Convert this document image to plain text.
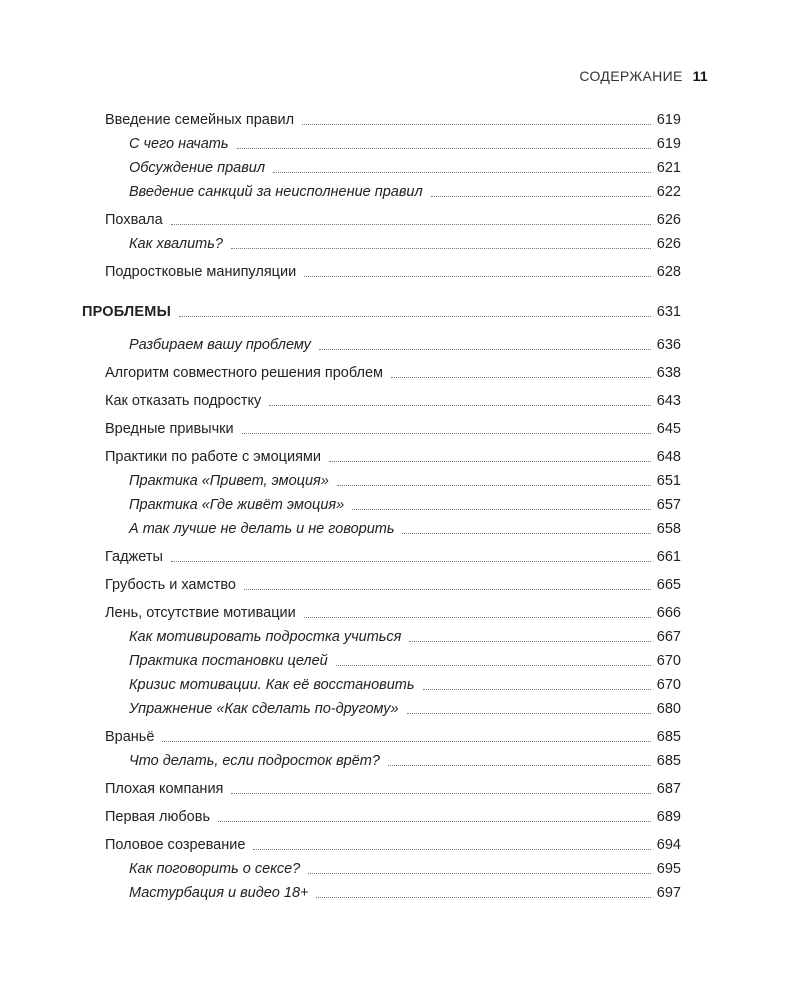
СОДЕРЖАНИЕ 11
Введение семейных правил	619
С чего начать	619
Обсуждение правил	621
Введение санкций за неисполнение правил	622
Похвала	626
Как хвалить?	626
Подростковые манипуляции	628
ПРОБЛЕМЫ	631
Разбираем вашу проблему	636
Алгоритм совместного решения проблем	638
Как отказать подростку	643
Вредные привычки	645
Практики по работе с эмоциями	648
Практика «Привет, эмоция»	651
Практика «Где живёт эмоция»	657
А так лучше не делать и не говорить	658
Гаджеты	661
Грубость и хамство	665
Лень, отсутствие мотивации	666
Как мотивировать подростка учиться	667
Практика постановки целей	670
Кризис мотивации. Как её восстановить	670
Упражнение «Как сделать по-другому»	680
Враньё	685
Что делать, если подросток врёт?	685
Плохая компания	687
Первая любовь	689
Половое созревание	694
Как поговорить о сексе?	695
Мастурбация и видео 18+	697
